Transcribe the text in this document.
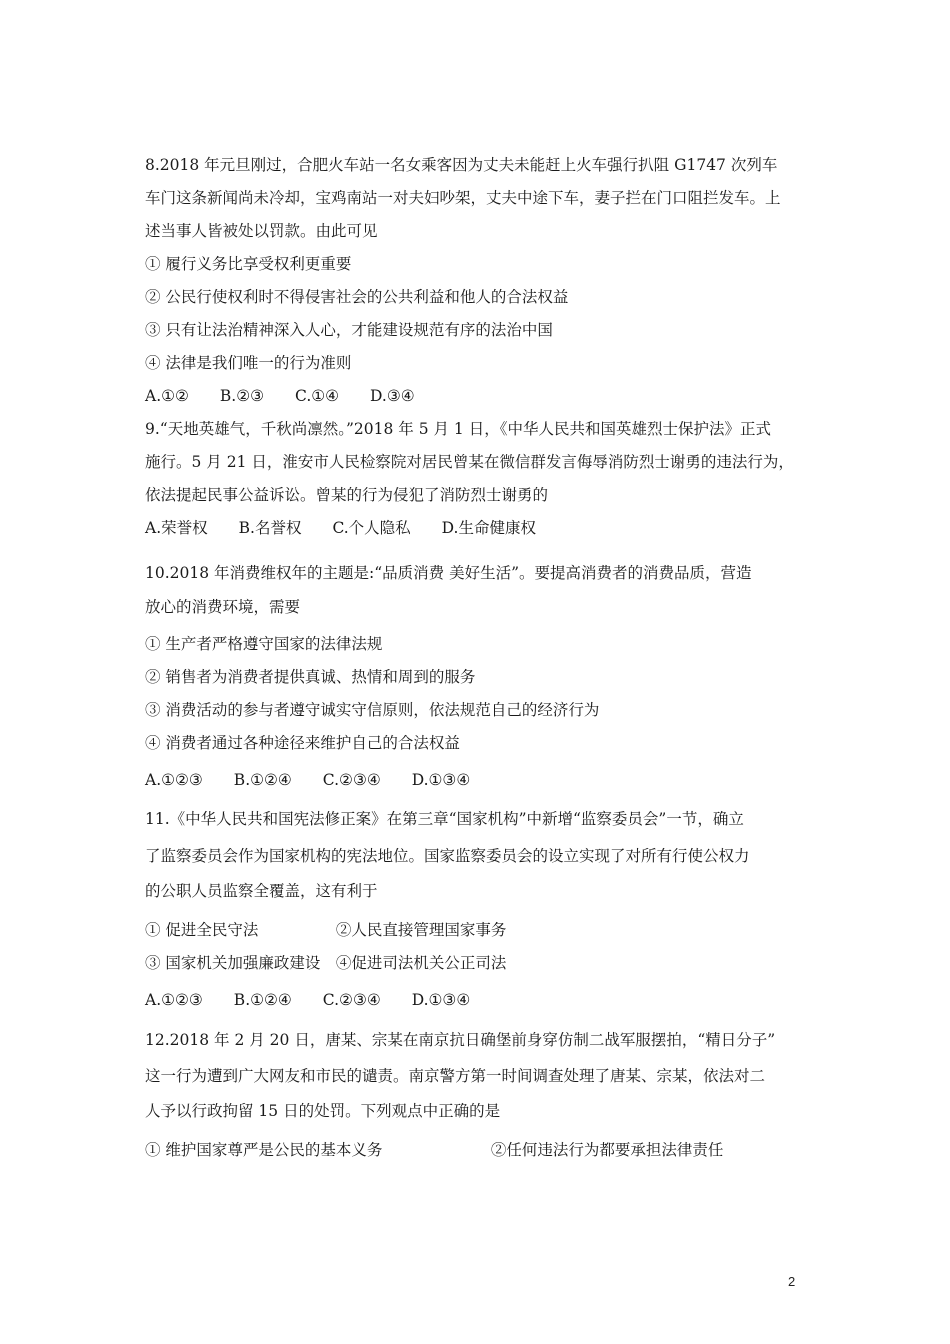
8.2018 年元旦刚过，合肥火车站一名女乘客因为丈夫未能赶上火车强行扒阻 G1747 次列车
车门这条新闻尚未冷却，宝鸡南站一对夫妇吵架，丈夫中途下车，妻子拦在门口阻拦发车。上
述当事人皆被处以罚款。由此可见
① 履行义务比享受权利更重要
② 公民行使权利时不得侵害社会的公共利益和他人的合法权益
③ 只有让法治精神深入人心，才能建设规范有序的法治中国
④ 法律是我们唯一的行为准则
A.①②　　B.②③　　C.①④　　D.③④
9.“天地英雄气，千秋尚凛然。”2018 年 5 月 1 日，《中华人民共和国英雄烈士保护法》正式
施行。5 月 21 日，淮安市人民检察院对居民曾某在微信群发言侮辱消防烈士谢勇的违法行为，
依法提起民事公益诉讼。曾某的行为侵犯了消防烈士谢勇的
A.荣誉权　　B.名誉权　　C.个人隐私　　D.生命健康权
10.2018 年消费维权年的主题是:“品质消费 美好生活”。要提高消费者的消费品质，营造
放心的消费环境，需要
① 生产者严格遵守国家的法律法规
② 销售者为消费者提供真诚、热情和周到的服务
③ 消费活动的参与者遵守诚实守信原则，依法规范自己的经济行为
④ 消费者通过各种途径来维护自己的合法权益
A.①②③　　B.①②④　　C.②③④　　D.①③④
11.《中华人民共和国宪法修正案》在第三章“国家机构”中新增“监察委员会”一节，确立
了监察委员会作为国家机构的宪法地位。国家监察委员会的设立实现了对所有行使公权力
的公职人员监察全覆盖，这有利于
① 促进全民守法　　　　　②人民直接管理国家事务
③ 国家机关加强廉政建设　④促进司法机关公正司法
A.①②③　　B.①②④　　C.②③④　　D.①③④
12.2018 年 2 月 20 日，唐某、宗某在南京抗日确堡前身穿仿制二战军服摆拍，“精日分子”
这一行为遭到广大网友和市民的谴责。南京警方第一时间调查处理了唐某、宗某，依法对二
人予以行政拘留 15 日的处罚。下列观点中正确的是
① 维护国家尊严是公民的基本义务　　　　　　　②任何违法行为都要承担法律责任
2
